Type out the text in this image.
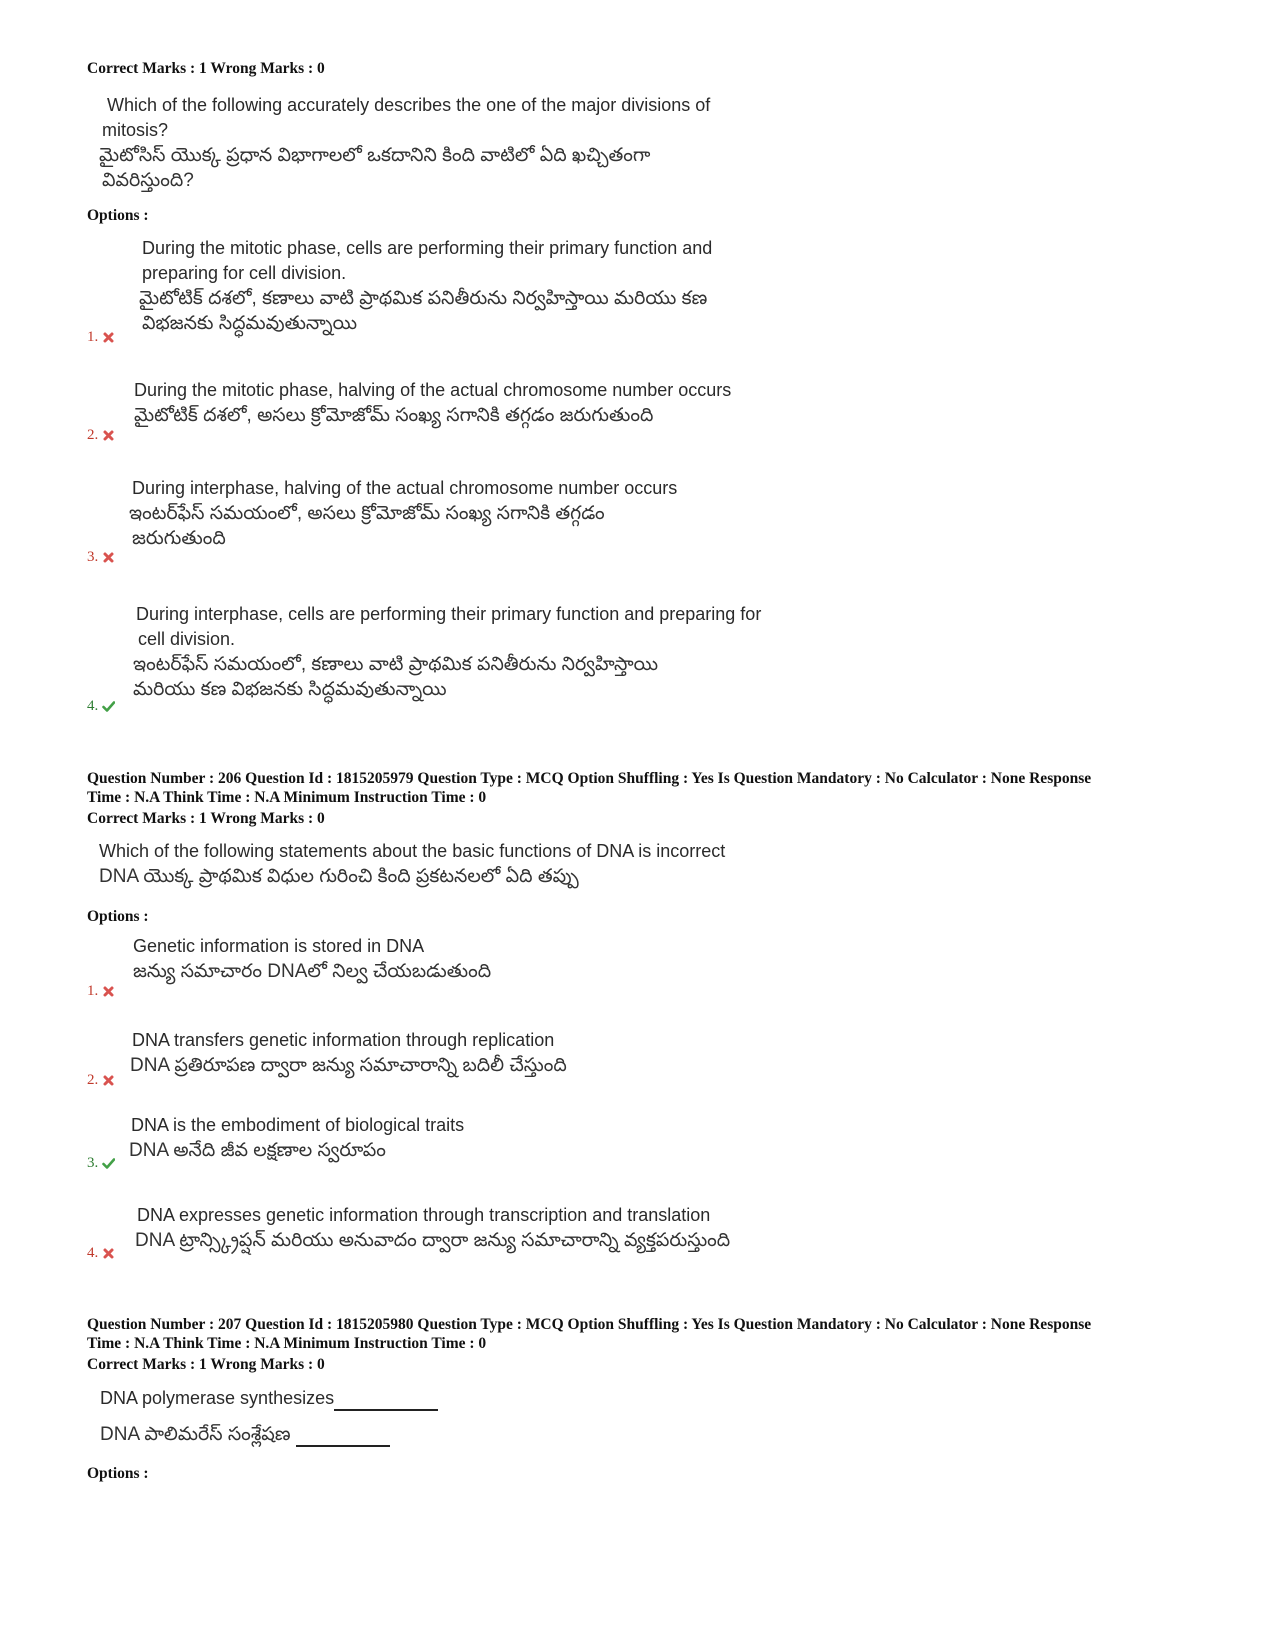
Correct Marks : 1 Wrong Marks : 0
Which of the following accurately describes the one of the major divisions of
mitosis?
మైటోసిస్ యొక్క ప్రధాన విభాగాలలో ఒకదానిని కింది వాటిలో ఏది ఖచ్చితంగా
వివరిస్తుంది?
Options :
During the mitotic phase, cells are performing their primary function and
preparing for cell division.
మైటోటిక్ దశలో, కణాలు వాటి ప్రాథమిక పనితీరును నిర్వహిస్తాయి మరియు కణ
విభజనకు సిద్ధమవుతున్నాయి
1.
During the mitotic phase, halving of the actual chromosome number occurs
మైటోటిక్ దశలో, అసలు క్రోమోజోమ్ సంఖ్య సగానికి తగ్గడం జరుగుతుంది
2.
During interphase, halving of the actual chromosome number occurs
ఇంటర్‌ఫేస్ సమయంలో, అసలు క్రోమోజోమ్ సంఖ్య సగానికి తగ్గడం
జరుగుతుంది
3.
During interphase, cells are performing their primary function and preparing for
cell division.
ఇంటర్‌ఫేస్ సమయంలో, కణాలు వాటి ప్రాథమిక పనితీరును నిర్వహిస్తాయి
మరియు కణ విభజనకు సిద్ధమవుతున్నాయి
4.
Question Number : 206 Question Id : 1815205979 Question Type : MCQ Option Shuffling : Yes Is Question Mandatory : No Calculator : None Response
Time : N.A Think Time : N.A Minimum Instruction Time : 0
Correct Marks : 1 Wrong Marks : 0
Which of the following statements about the basic functions of DNA is incorrect
DNA యొక్క ప్రాథమిక విధుల గురించి కింది ప్రకటనలలో ఏది తప్పు
Options :
Genetic information is stored in DNA
జన్యు సమాచారం DNAలో నిల్వ చేయబడుతుంది
1.
DNA transfers genetic information through replication
DNA ప్రతిరూపణ ద్వారా జన్యు సమాచారాన్ని బదిలీ చేస్తుంది
2.
DNA is the embodiment of biological traits
DNA అనేది జీవ లక్షణాల స్వరూపం
3.
DNA expresses genetic information through transcription and translation
DNA ట్రాన్స్క్రిప్షన్ మరియు అనువాదం ద్వారా జన్యు సమాచారాన్ని వ్యక్తపరుస్తుంది
4.
Question Number : 207 Question Id : 1815205980 Question Type : MCQ Option Shuffling : Yes Is Question Mandatory : No Calculator : None Response
Time : N.A Think Time : N.A Minimum Instruction Time : 0
Correct Marks : 1 Wrong Marks : 0
DNA polymerase synthesizes
DNA పాలిమరేస్ సంశ్లేషణ
Options :
